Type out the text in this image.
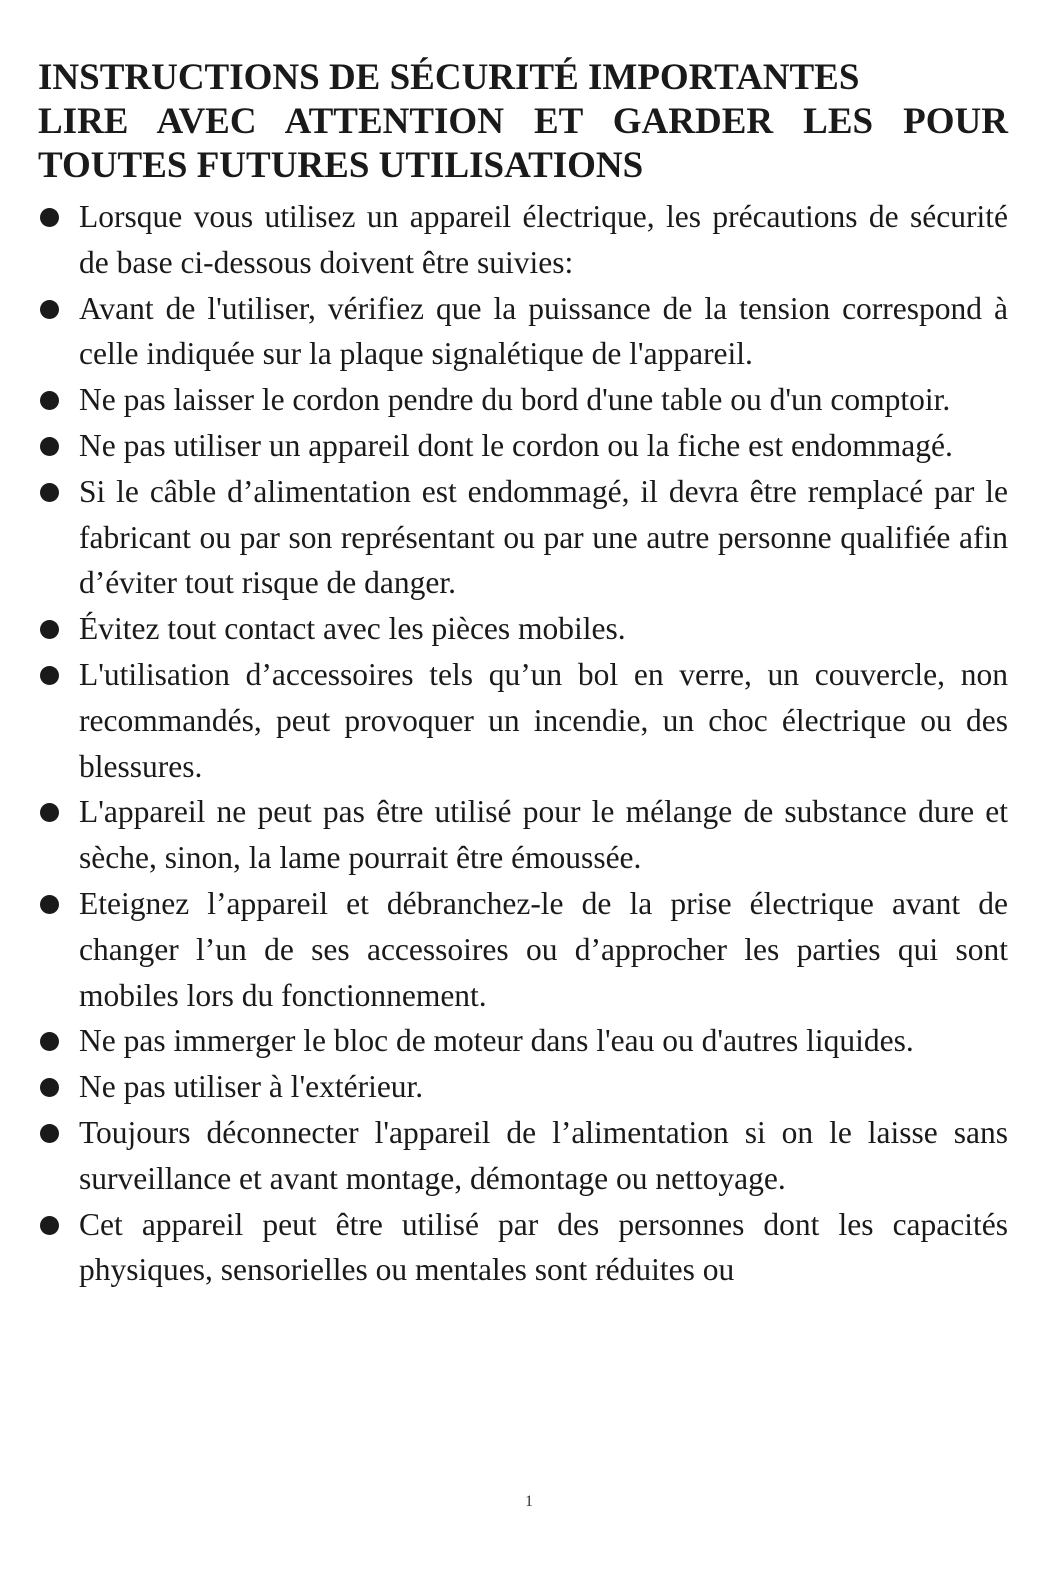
INSTRUCTIONS DE SÉCURITÉ IMPORTANTES
LIRE AVEC ATTENTION ET GARDER LES POUR
TOUTES FUTURES UTILISATIONS
Lorsque vous utilisez un appareil électrique, les précautions de sécurité de base ci-dessous doivent être suivies:
Avant de l'utiliser, vérifiez que la puissance de la tension correspond à celle indiquée sur la plaque signalétique de l'appareil.
Ne pas laisser le cordon pendre du bord d'une table ou d'un comptoir.
Ne pas utiliser un appareil dont le cordon ou la fiche est endommagé.
Si le câble d’alimentation est endommagé, il devra être remplacé par le fabricant ou par son représentant ou par une autre personne qualifiée afin d’éviter tout risque de danger.
Évitez tout contact avec les pièces mobiles.
L'utilisation d’accessoires tels qu’un bol en verre, un couvercle, non recommandés, peut provoquer un incendie, un choc électrique ou des blessures.
L'appareil ne peut pas être utilisé pour le mélange de substance dure et sèche, sinon, la lame pourrait être émoussée.
Eteignez l’appareil et débranchez-le de la prise électrique avant de changer l’un de ses accessoires ou d’approcher les parties qui sont mobiles lors du fonctionnement.
Ne pas immerger le bloc de moteur dans l'eau ou d'autres liquides.
Ne pas utiliser à l'extérieur.
Toujours déconnecter l'appareil de l’alimentation si on le laisse sans surveillance et avant montage, démontage ou nettoyage.
Cet appareil peut être utilisé par des personnes dont les capacités physiques, sensorielles ou mentales sont réduites ou
1
